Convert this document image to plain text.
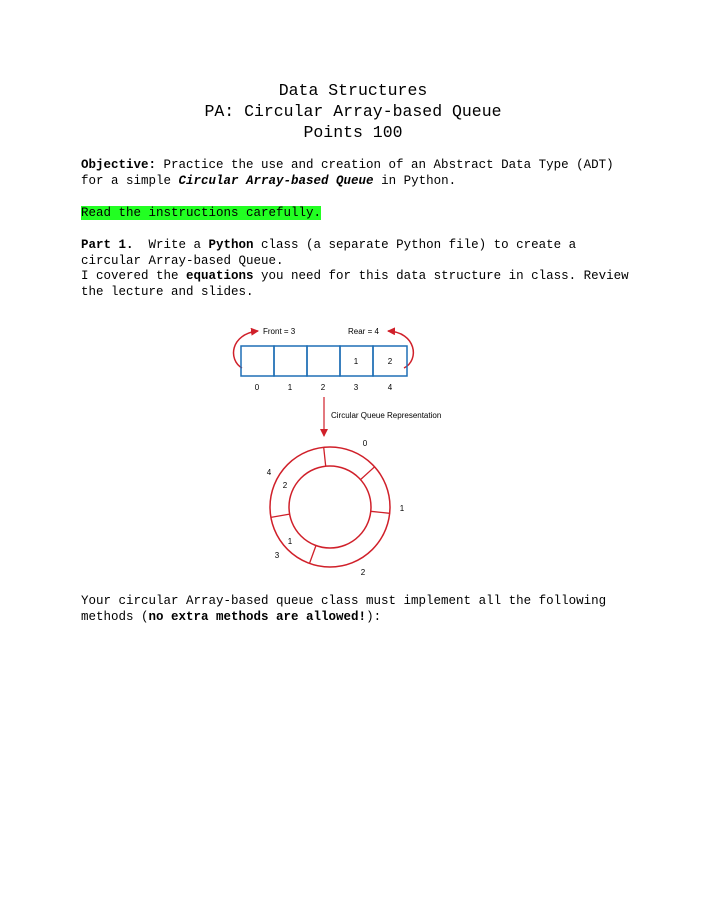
Data Structures
PA: Circular Array-based Queue
Points 100
Objective: Practice the use and creation of an Abstract Data Type (ADT) for a simple Circular Array-based Queue in Python.
Read the instructions carefully.
Part 1.  Write a Python class (a separate Python file) to create a circular Array-based Queue.
I covered the equations you need for this data structure in class. Review the lecture and slides.
Front = 3	Rear = 4
1	2
0	1	2	3	4
Circular Queue Representation
0
1
2
3
4
1
2
Your circular Array-based queue class must implement all the following methods (no extra methods are allowed!):
